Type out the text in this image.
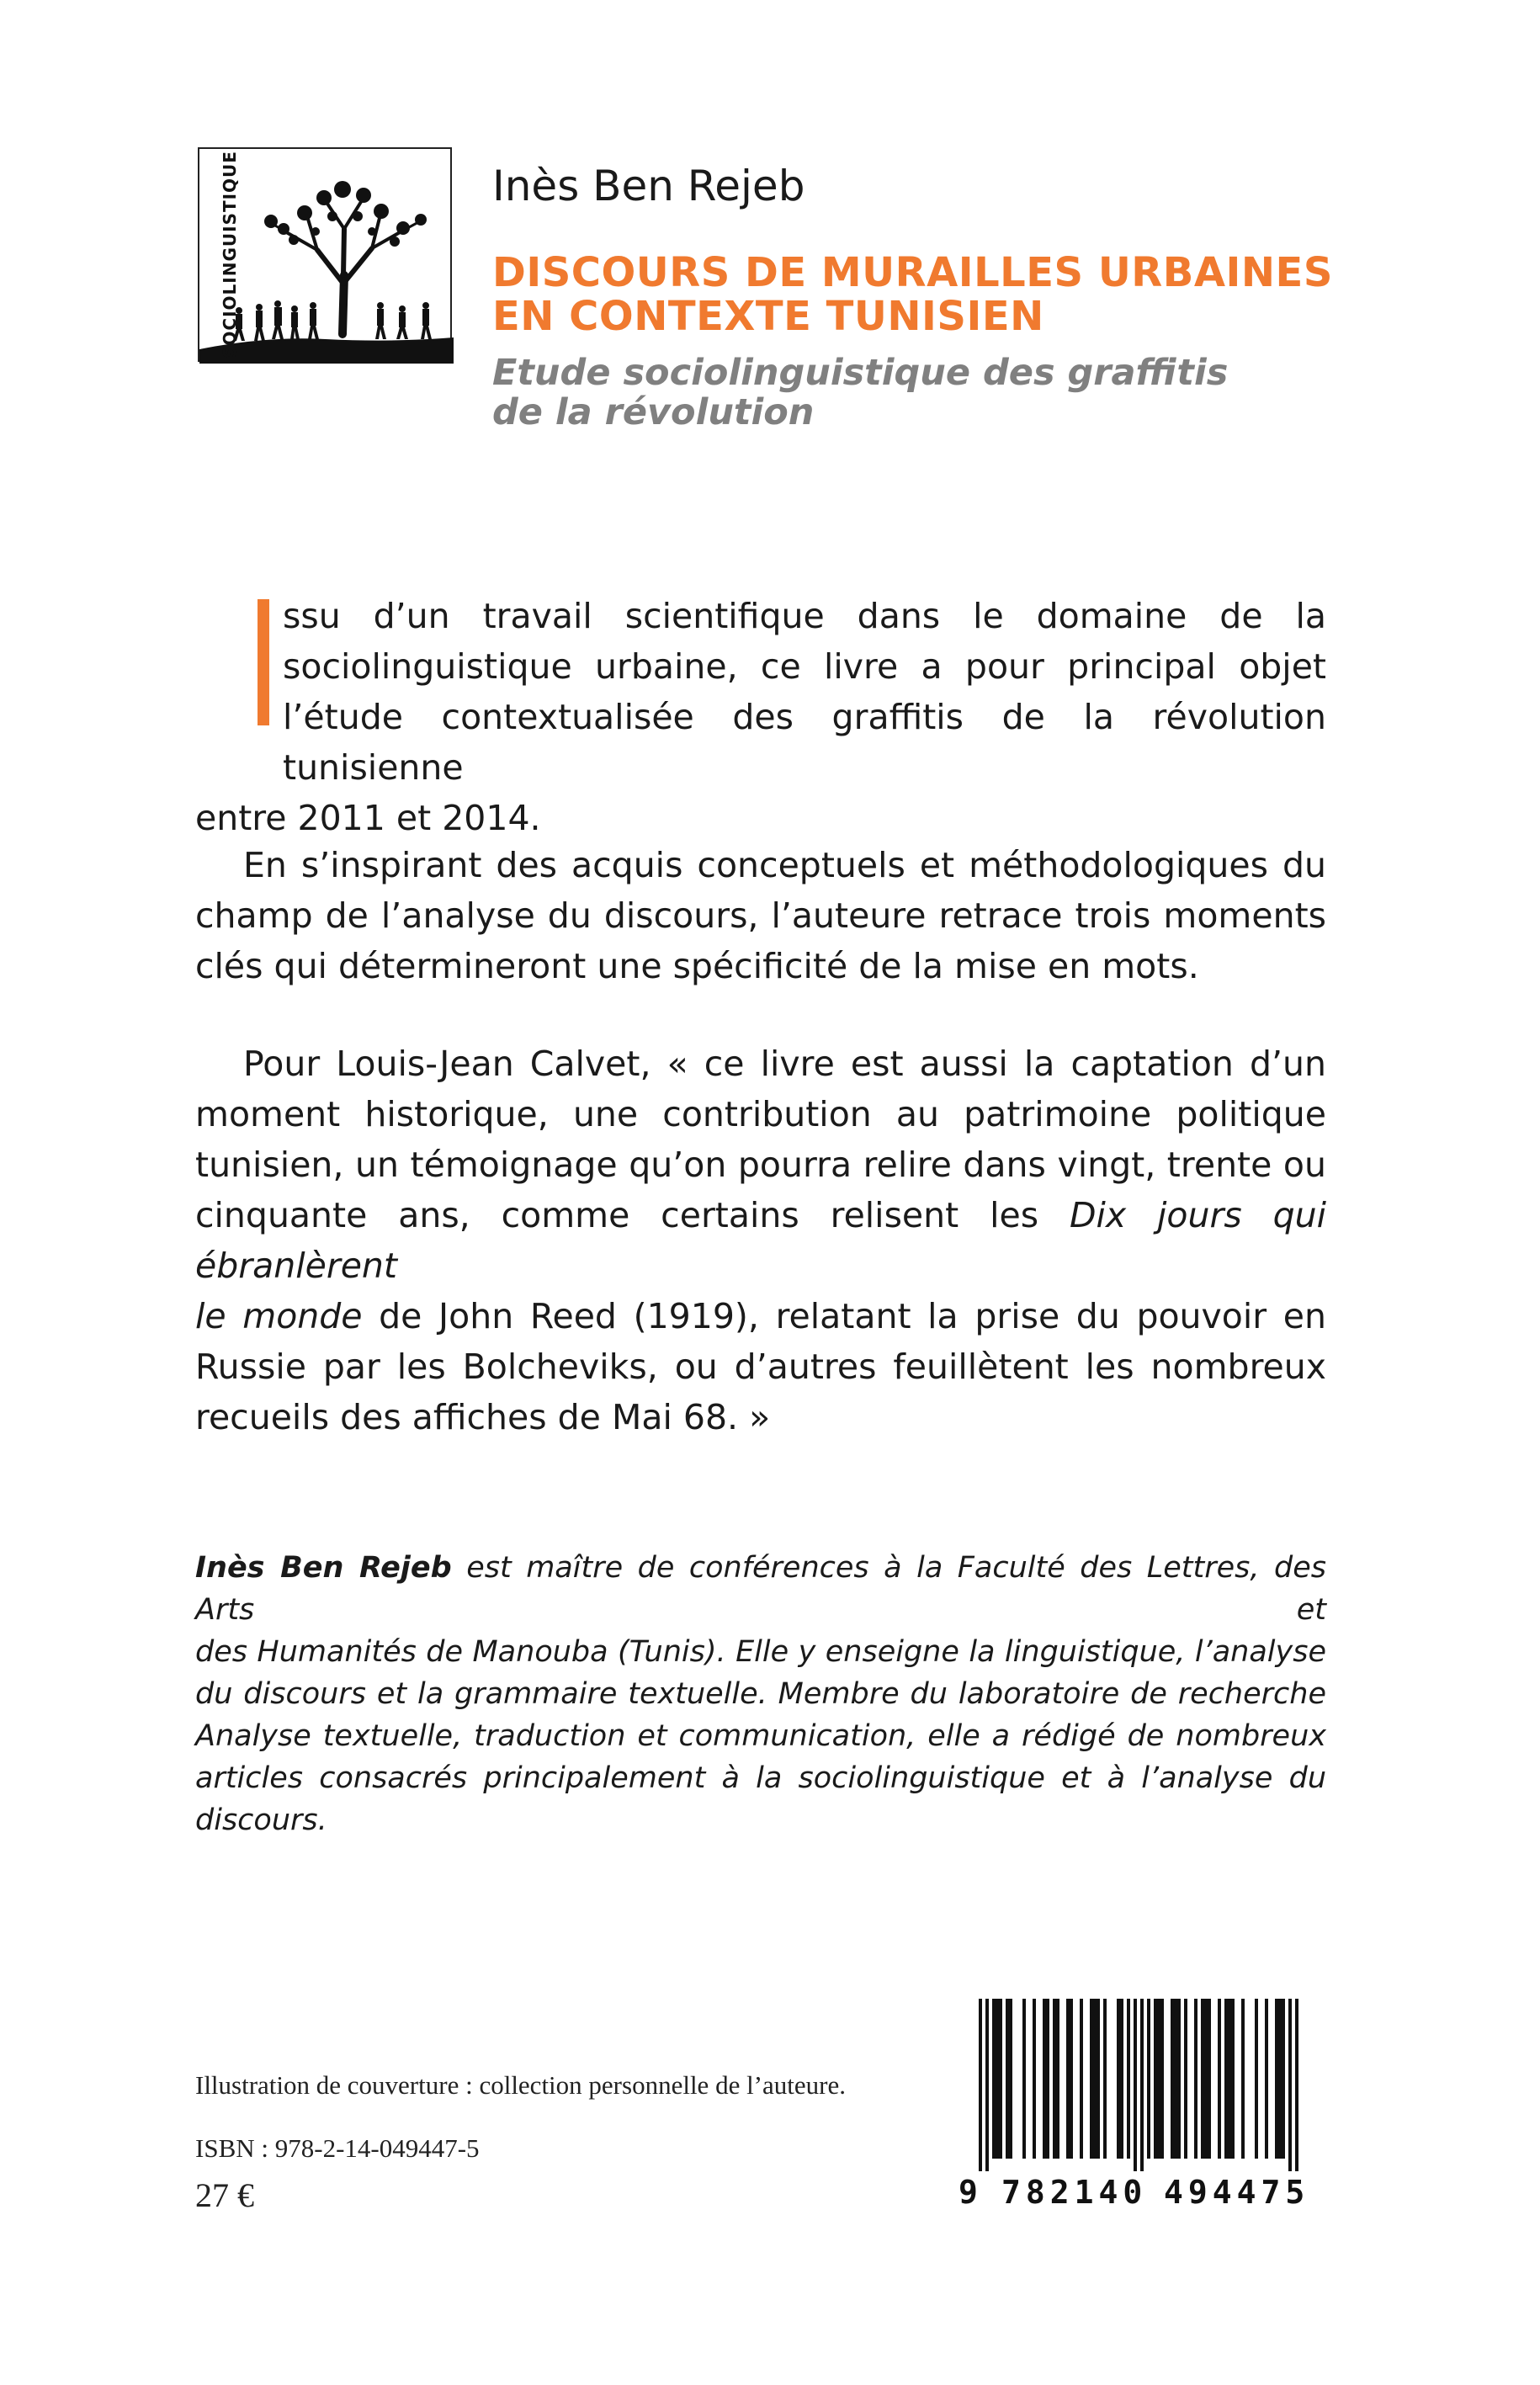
SOCIOLINGUISTIQUE	Inès Ben Rejeb
DISCOURS DE MURAILLES URBAINES
EN CONTEXTE TUNISIEN
Etude sociolinguistique des graffitis
de la révolution
ssu d’un travail scientifique dans le domaine de la
sociolinguistique urbaine, ce livre a pour principal objet
l’étude contextualisée des graffitis de la révolution tunisienne
entre 2011 et 2014.
En s’inspirant des acquis conceptuels et méthodologiques du
champ de l’analyse du discours, l’auteure retrace trois moments
clés qui détermineront une spécificité de la mise en mots.
Pour Louis-Jean Calvet, « ce livre est aussi la captation d’un
moment historique, une contribution au patrimoine politique
tunisien, un témoignage qu’on pourra relire dans vingt, trente ou
cinquante ans, comme certains relisent les Dix jours qui ébranlèrent
le monde de John Reed (1919), relatant la prise du pouvoir en
Russie par les Bolcheviks, ou d’autres feuillètent les nombreux
recueils des affiches de Mai 68. »
Inès Ben Rejeb est maître de conférences à la Faculté des Lettres, des Arts et
des Humanités de Manouba (Tunis). Elle y enseigne la linguistique, l’analyse
du discours et la grammaire textuelle. Membre du laboratoire de recherche
Analyse textuelle, traduction et communication, elle a rédigé de nombreux
articles consacrés principalement à la sociolinguistique et à l’analyse du
discours.
Illustration de couverture : collection personnelle de l’auteure.
ISBN : 978-2-14-049447-5
27 €	9 782140 494475
